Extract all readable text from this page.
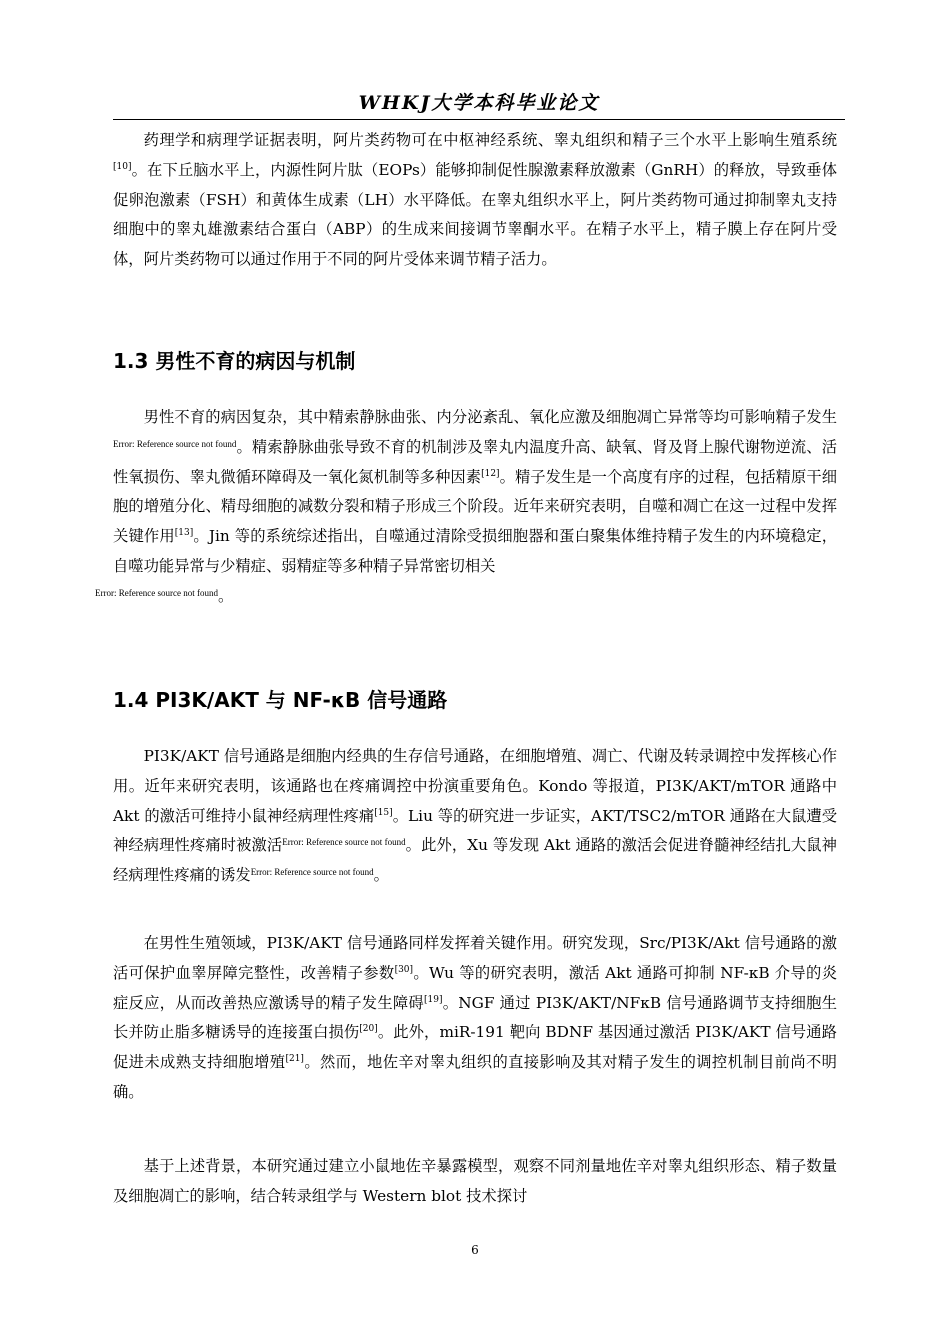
WHKJ大学本科毕业论文

药理学和病理学证据表明，阿片类药物可在中枢神经系统、睾丸组织和精子三个水平上影响生殖系统[10]。在下丘脑水平上，内源性阿片肽（EOPs）能够抑制促性腺激素释放激素（GnRH）的释放，导致垂体促卵泡激素（FSH）和黄体生成素（LH）水平降低。在睾丸组织水平上，阿片类药物可通过抑制睾丸支持细胞中的睾丸雄激素结合蛋白（ABP）的生成来间接调节睾酮水平。在精子水平上，精子膜上存在阿片受体，阿片类药物可以通过作用于不同的阿片受体来调节精子活力。

1.3 男性不育的病因与机制

男性不育的病因复杂，其中精索静脉曲张、内分泌紊乱、氧化应激及细胞凋亡异常等均可影响精子发生$^{Error: Reference source not found}$。精索静脉曲张导致不育的机制涉及睾丸内温度升高、缺氧、肾及肾上腺代谢物逆流、活性氧损伤、睾丸微循环障碍及一氧化氮机制等多种因素[12]。精子发生是一个高度有序的过程，包括精原干细胞的增殖分化、精母细胞的减数分裂和精子形成三个阶段。近年来研究表明，自噬和凋亡在这一过程中发挥关键作用[13]。Jin 等的系统综述指出，自噬通过清除受损细胞器和蛋白聚集体维持精子发生的内环境稳定，自噬功能异常与少精症、弱精症等多种精子异常密切相关
$^{Error: Reference source not found}$。

1.4 PI3K/AKT 与 NF-κB 信号通路

PI3K/AKT 信号通路是细胞内经典的生存信号通路，在细胞增殖、凋亡、代谢及转录调控中发挥核心作用。近年来研究表明，该通路也在疼痛调控中扮演重要角色。Kondo 等报道，PI3K/AKT/mTOR 通路中 Akt 的激活可维持小鼠神经病理性疼痛[15]。Liu 等的研究进一步证实，AKT/TSC2/mTOR 通路在大鼠遭受神经病理性疼痛时被激活$^{Error: Reference source not found}$。此外，Xu 等发现 Akt 通路的激活会促进脊髓神经结扎大鼠神经病理性疼痛的诱发$^{Error: Reference source not found}$。

在男性生殖领域，PI3K/AKT 信号通路同样发挥着关键作用。研究发现，Src/PI3K/Akt 信号通路的激活可保护血睾屏障完整性，改善精子参数[30]。Wu 等的研究表明，激活 Akt 通路可抑制 NF-κB 介导的炎症反应，从而改善热应激诱导的精子发生障碍[19]。NGF 通过 PI3K/AKT/NFκB 信号通路调节支持细胞生长并防止脂多糖诱导的连接蛋白损伤[20]。此外，miR-191 靶向 BDNF 基因通过激活 PI3K/AKT 信号通路促进未成熟支持细胞增殖[21]。然而，地佐辛对睾丸组织的直接影响及其对精子发生的调控机制目前尚不明确。

基于上述背景，本研究通过建立小鼠地佐辛暴露模型，观察不同剂量地佐辛对睾丸组织形态、精子数量及细胞凋亡的影响，结合转录组学与 Western blot 技术探讨

6
